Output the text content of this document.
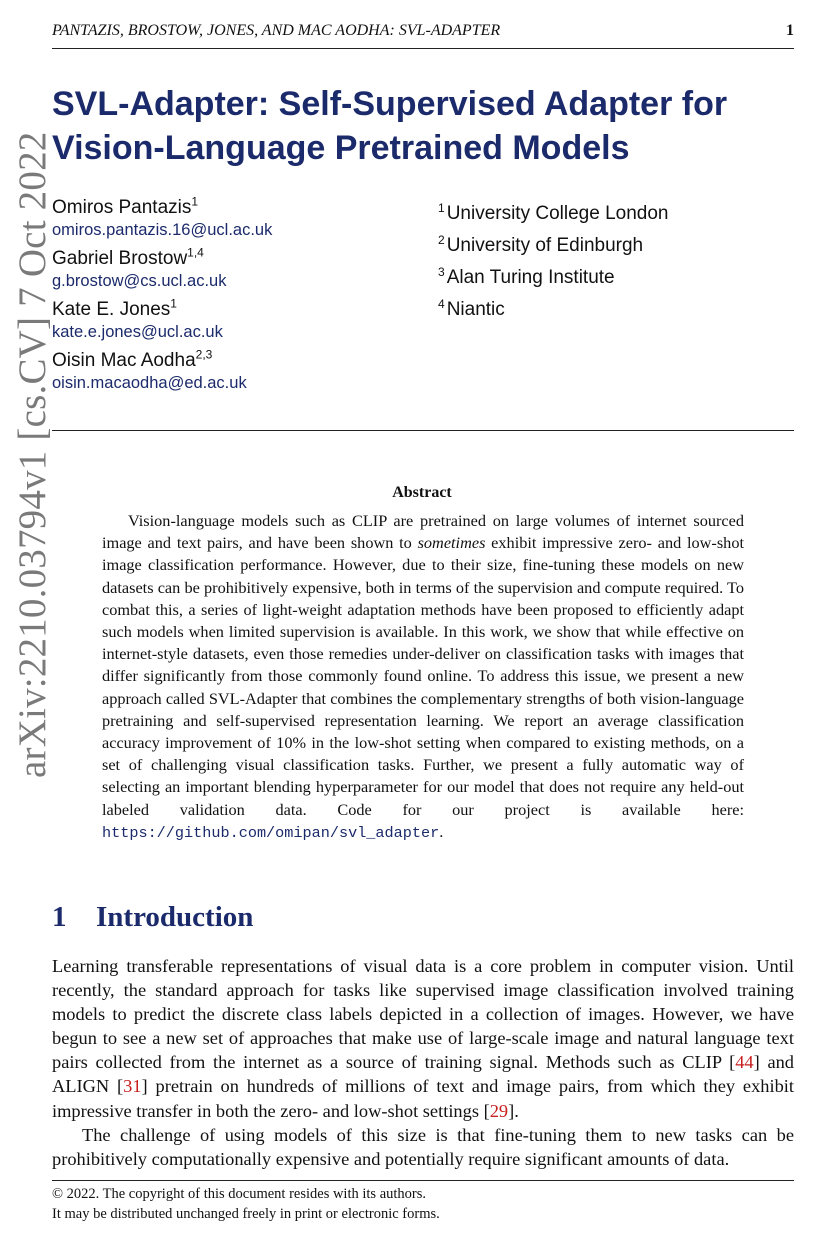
PANTAZIS, BROSTOW, JONES, AND MAC AODHA: SVL-ADAPTER	1
arXiv:2210.03794v1 [cs.CV] 7 Oct 2022
SVL-Adapter: Self-Supervised Adapter for
Vision-Language Pretrained Models
Omiros Pantazis$^1$
omiros.pantazis.16@ucl.ac.uk
Gabriel Brostow$^{1,4}$
g.brostow@cs.ucl.ac.uk
Kate E. Jones$^1$
kate.e.jones@ucl.ac.uk
Oisin Mac Aodha$^{2,3}$
oisin.macaodha@ed.ac.uk
$^1$ University College London
$^2$ University of Edinburgh
$^3$ Alan Turing Institute
$^4$ Niantic
Abstract
Vision-language models such as CLIP are pretrained on large volumes of internet sourced image and text pairs, and have been shown to sometimes exhibit impressive zero- and low-shot image classification performance. However, due to their size, fine-tuning these models on new datasets can be prohibitively expensive, both in terms of the supervision and compute required. To combat this, a series of light-weight adaptation methods have been proposed to efficiently adapt such models when limited supervision is available. In this work, we show that while effective on internet-style datasets, even those remedies under-deliver on classification tasks with images that differ significantly from those commonly found online. To address this issue, we present a new approach called SVL-Adapter that combines the complementary strengths of both vision-language pretraining and self-supervised representation learning. We report an average classification accuracy improvement of 10% in the low-shot setting when compared to existing methods, on a set of challenging visual classification tasks. Further, we present a fully automatic way of selecting an important blending hyperparameter for our model that does not require any held-out labeled validation data. Code for our project is available here: https://github.com/omipan/svl_adapter.
1 Introduction

Learning transferable representations of visual data is a core problem in computer vision. Until recently, the standard approach for tasks like supervised image classification involved training models to predict the discrete class labels depicted in a collection of images. However, we have begun to see a new set of approaches that make use of large-scale image and natural language text pairs collected from the internet as a source of training signal. Methods such as CLIP [44] and ALIGN [31] pretrain on hundreds of millions of text and image pairs, from which they exhibit impressive transfer in both the zero- and low-shot settings [29].

The challenge of using models of this size is that fine-tuning them to new tasks can be prohibitively computationally expensive and potentially require significant amounts of data.

© 2022. The copyright of this document resides with its authors.
It may be distributed unchanged freely in print or electronic forms.
